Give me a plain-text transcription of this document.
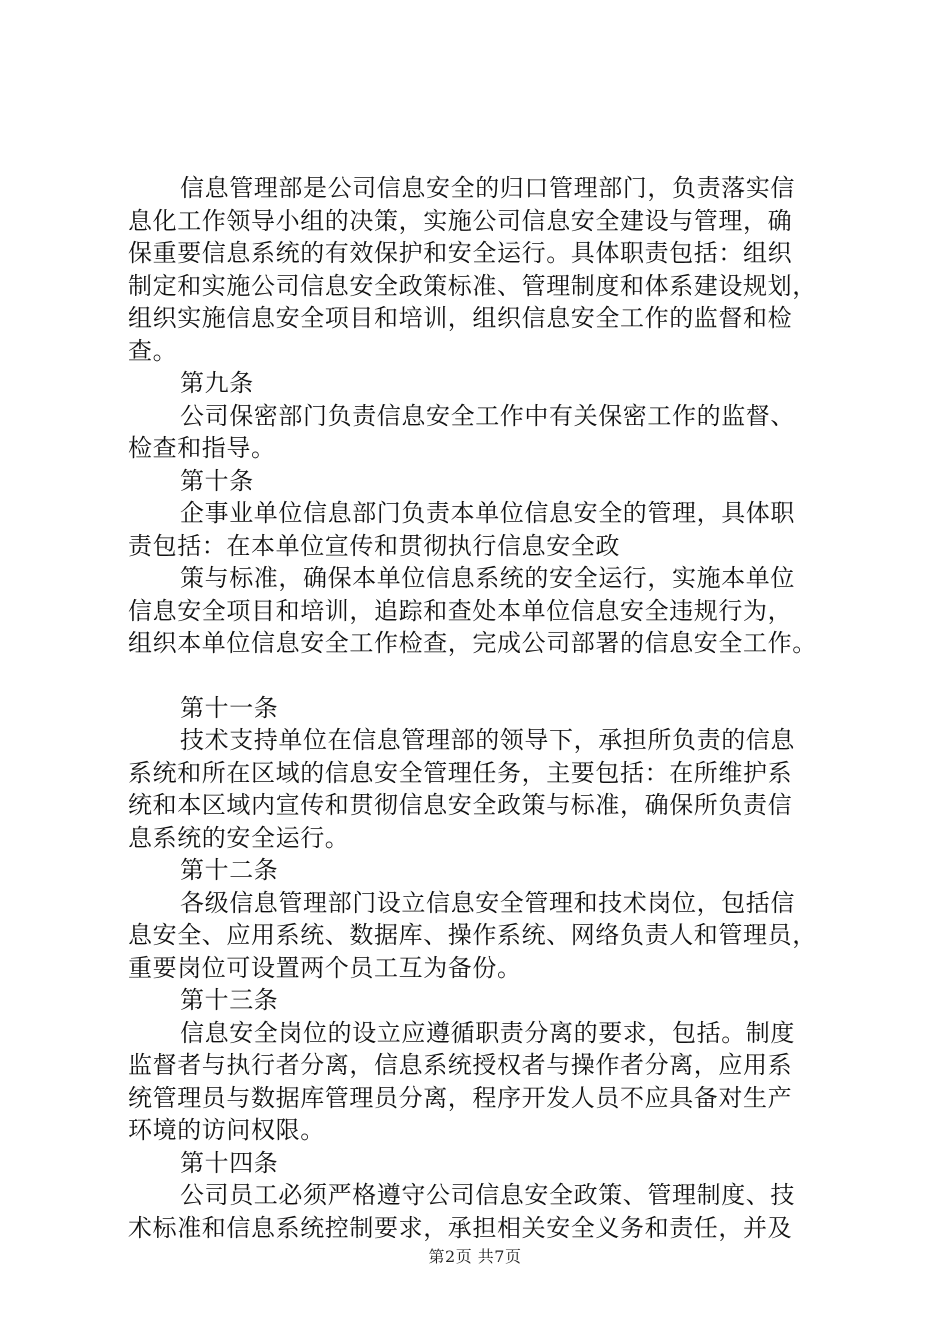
信息管理部是公司信息安全的归口管理部门，负责落实信
息化工作领导小组的决策，实施公司信息安全建设与管理，确
保重要信息系统的有效保护和安全运行。具体职责包括：组织
制定和实施公司信息安全政策标准、管理制度和体系建设规划，
组织实施信息安全项目和培训，组织信息安全工作的监督和检
查。
第九条
公司保密部门负责信息安全工作中有关保密工作的监督、
检查和指导。
第十条
企事业单位信息部门负责本单位信息安全的管理，具体职
责包括：在本单位宣传和贯彻执行信息安全政
策与标准，确保本单位信息系统的安全运行，实施本单位
信息安全项目和培训，追踪和查处本单位信息安全违规行为，
组织本单位信息安全工作检查，完成公司部署的信息安全工作。
第十一条
技术支持单位在信息管理部的领导下，承担所负责的信息
系统和所在区域的信息安全管理任务，主要包括：在所维护系
统和本区域内宣传和贯彻信息安全政策与标准，确保所负责信
息系统的安全运行。
第十二条
各级信息管理部门设立信息安全管理和技术岗位，包括信
息安全、应用系统、数据库、操作系统、网络负责人和管理员，
重要岗位可设置两个员工互为备份。
第十三条
信息安全岗位的设立应遵循职责分离的要求，包括。制度
监督者与执行者分离，信息系统授权者与操作者分离，应用系
统管理员与数据库管理员分离，程序开发人员不应具备对生产
环境的访问权限。
第十四条
公司员工必须严格遵守公司信息安全政策、管理制度、技
术标准和信息系统控制要求，承担相关安全义务和责任，并及
第2页 共7页
